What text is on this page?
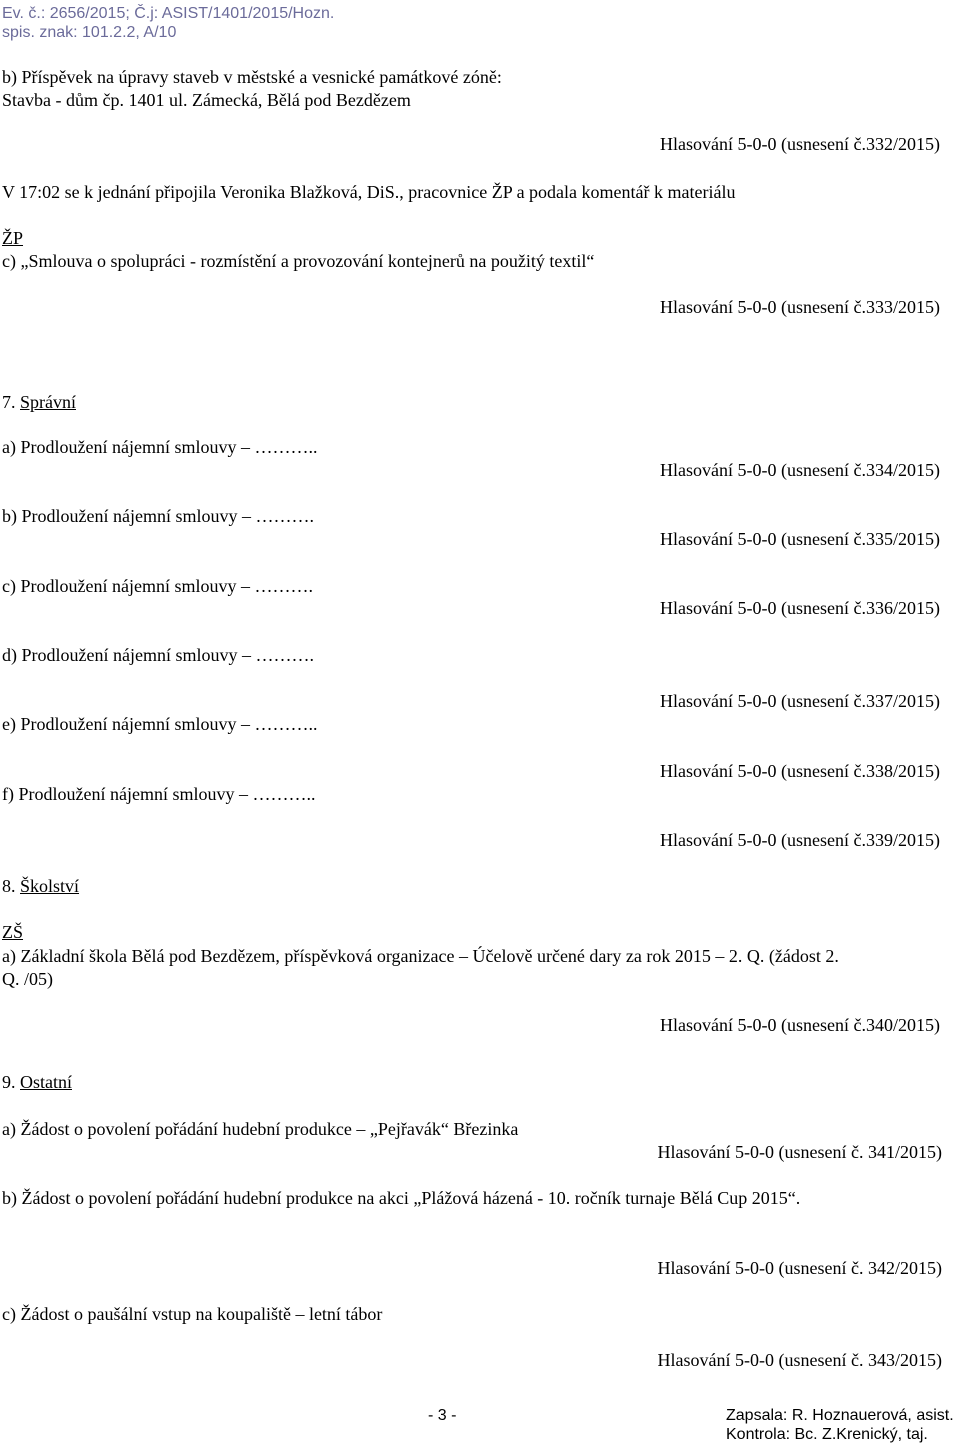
Ev. č.: 2656/2015; Č.j: ASIST/1401/2015/Hozn.
spis. znak: 101.2.2, A/10
b) Příspěvek na úpravy staveb v městské a vesnické památkové zóně:
Stavba - dům čp. 1401 ul. Zámecká, Bělá pod Bezdězem
Hlasování 5-0-0 (usnesení č.332/2015)
V 17:02 se k jednání připojila Veronika Blažková, DiS., pracovnice ŽP a podala komentář k materiálu
ŽP
c) „Smlouva o spolupráci - rozmístění a provozování kontejnerů na použitý textil“
Hlasování 5-0-0 (usnesení č.333/2015)
7. Správní
a) Prodloužení nájemní smlouvy – ………..
Hlasování 5-0-0 (usnesení č.334/2015)
b) Prodloužení nájemní smlouvy – ……….
Hlasování 5-0-0 (usnesení č.335/2015)
c) Prodloužení nájemní smlouvy – ……….
Hlasování 5-0-0 (usnesení č.336/2015)
d) Prodloužení nájemní smlouvy – ……….
Hlasování 5-0-0 (usnesení č.337/2015)
e) Prodloužení nájemní smlouvy – ………..
Hlasování 5-0-0 (usnesení č.338/2015)
f) Prodloužení nájemní smlouvy – ………..
Hlasování 5-0-0 (usnesení č.339/2015)
8. Školství
ZŠ
a) Základní škola Bělá pod Bezdězem, příspěvková organizace – Účelově určené dary za rok 2015 – 2. Q. (žádost 2.
Q. /05)
Hlasování 5-0-0 (usnesení č.340/2015)
9. Ostatní
a) Žádost o povolení pořádání hudební produkce – „Pejřavák“ Březinka
Hlasování 5-0-0 (usnesení č. 341/2015)
b) Žádost o povolení pořádání hudební produkce na akci „Plážová házená - 10. ročník turnaje Bělá Cup 2015“.
Hlasování 5-0-0 (usnesení č. 342/2015)
c) Žádost o paušální vstup na koupaliště – letní tábor
Hlasování 5-0-0 (usnesení č. 343/2015)
- 3 -	Zapsala: R. Hoznauerová, asist.
Kontrola: Bc. Z.Krenický, taj.
